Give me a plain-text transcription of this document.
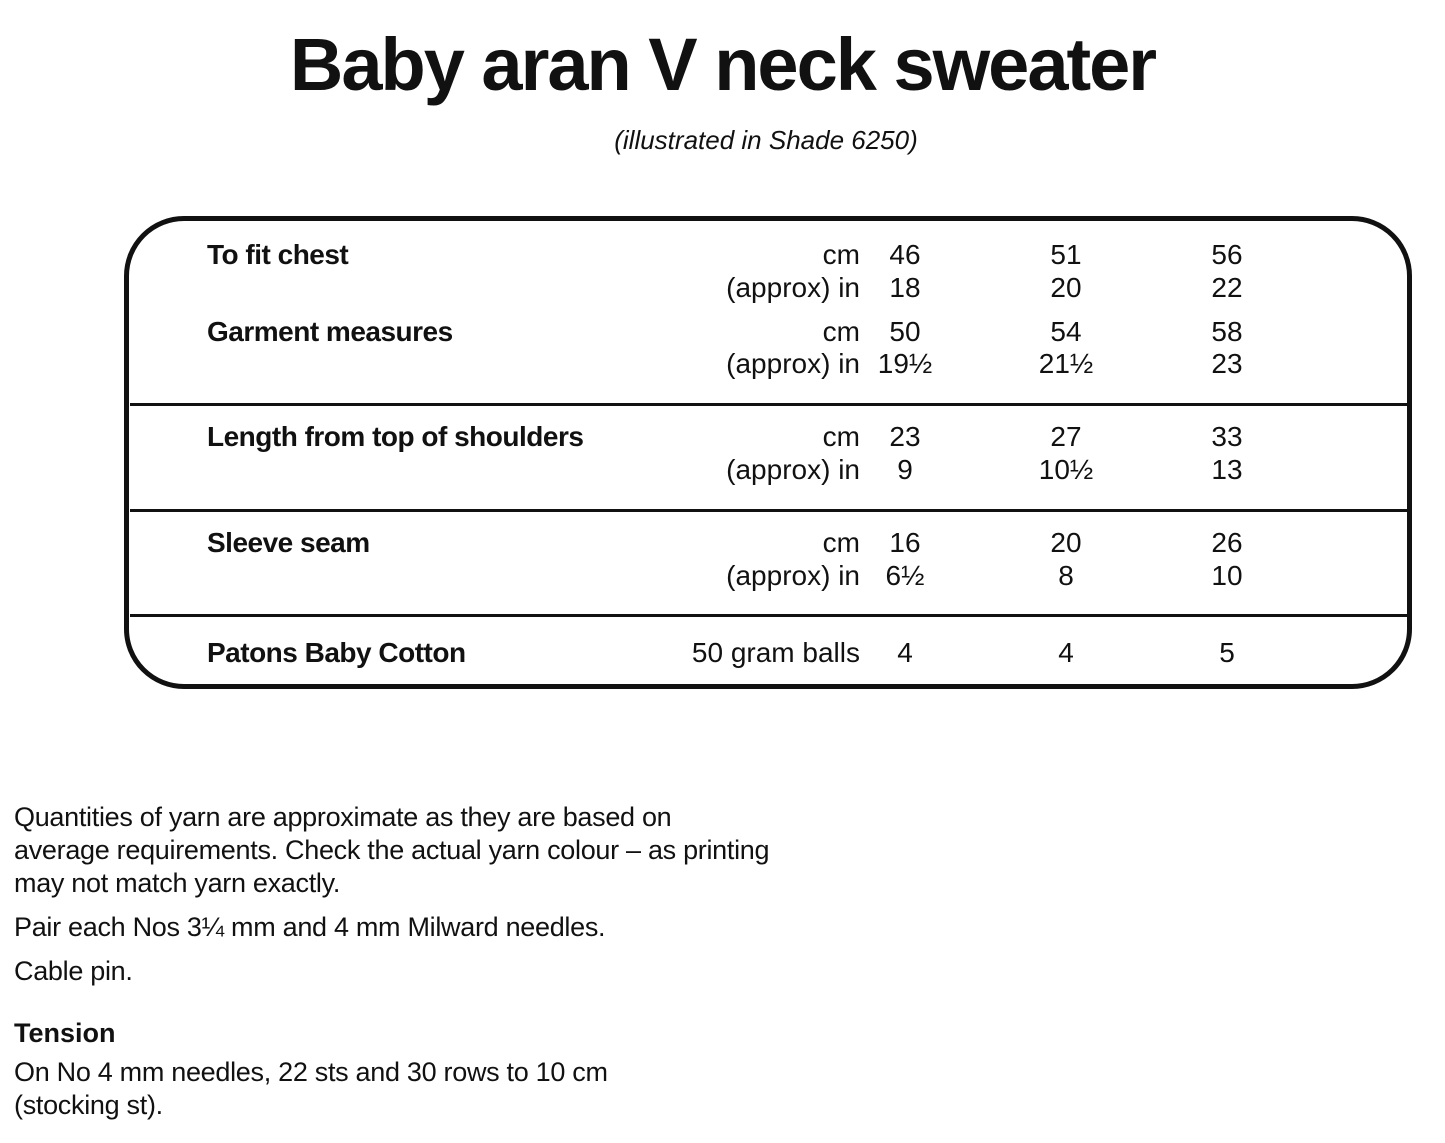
Baby aran V neck sweater
(illustrated in Shade 6250)
To fit chest	cm	46	51	56
(approx) in	18	20	22
Garment measures	cm	50	54	58
(approx) in 19½	21½	23
Length from top of shoulders	cm	23	27	33
(approx) in	9	10½	13
Sleeve seam	cm	16	20	26
(approx) in 6½	8	10
Patons Baby Cotton	50 gram balls	4	4	5

Quantities of yarn are approximate as they are based on average requirements. Check the actual yarn colour – as printing may not match yarn exactly.

Pair each Nos 3¼ mm and 4 mm Milward needles.

Cable pin.

Tension

On No 4 mm needles, 22 sts and 30 rows to 10 cm (stocking st).
